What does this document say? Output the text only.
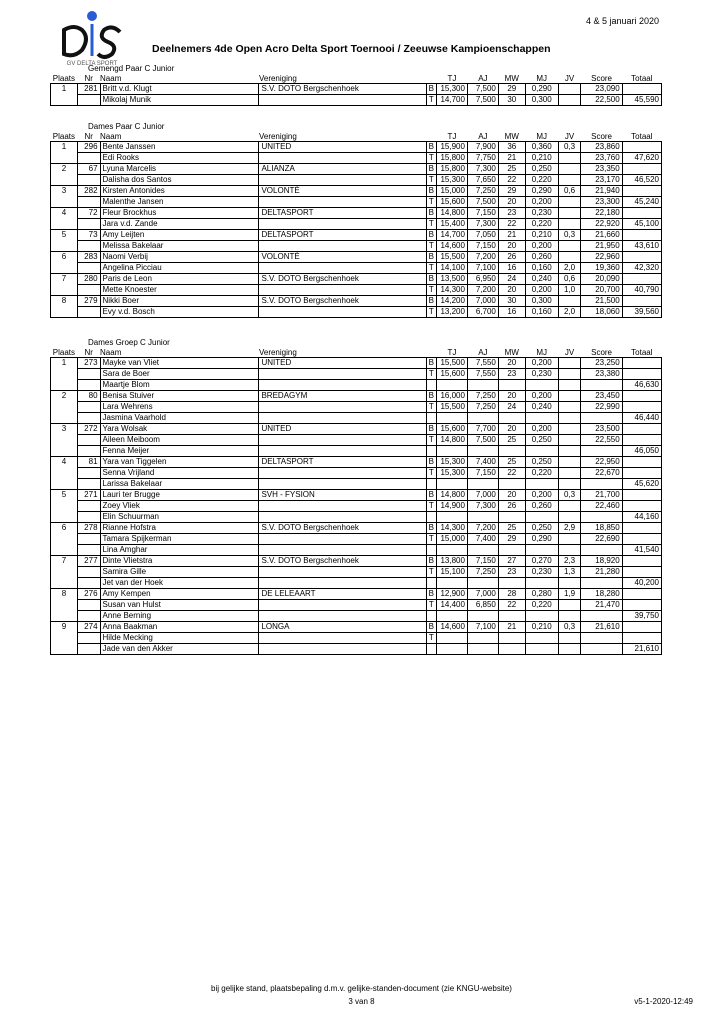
GV DELTA SPORT
4 & 5 januari 2020
Deelnemers 4de Open Acro Delta Sport Toernooi / Zeeuwse Kampioenschappen
Gemengd Paar C Junior
Plaats	Nr	Naam	Vereniging		TJ	AJ	MW	MJ	JV	Score	Totaal
1	281	Britt v.d. Klugt	S.V. DOTO Bergschenhoek	B	15,300	7,500	29	0,290		23,090	
		Mikolaj Munik		T	14,700	7,500	30	0,300		22,500	45,590
Dames Paar C Junior
Plaats	Nr	Naam	Vereniging		TJ	AJ	MW	MJ	JV	Score	Totaal
1	296	Bente Janssen	UNITED	B	15,900	7,900	36	0,360	0,3	23,860	
		Edi Rooks		T	15,800	7,750	21	0,210		23,760	47,620
2	67	Lyuna Marcelis	ALIANZA	B	15,800	7,300	25	0,250		23,350	
		Dalisha dos Santos		T	15,300	7,650	22	0,220		23,170	46,520
3	282	Kirsten Antonides	VOLONTÉ	B	15,000	7,250	29	0,290	0,6	21,940	
		Malenthe Jansen		T	15,600	7,500	20	0,200		23,300	45,240
4	72	Fleur Brockhus	DELTASPORT	B	14,800	7,150	23	0,230		22,180	
		Jara v.d. Zande		T	15,400	7,300	22	0,220		22,920	45,100
5	73	Amy Leijten	DELTASPORT	B	14,700	7,050	21	0,210	0,3	21,660	
		Melissa Bakelaar		T	14,600	7,150	20	0,200		21,950	43,610
6	283	Naomi Verbij	VOLONTÉ	B	15,500	7,200	26	0,260		22,960	
		Angelina Picciau		T	14,100	7,100	16	0,160	2,0	19,360	42,320
7	280	Paris de Leon	S.V. DOTO Bergschenhoek	B	13,500	6,950	24	0,240	0,6	20,090	
		Mette Knoester		T	14,300	7,200	20	0,200	1,0	20,700	40,790
8	279	Nikki Boer	S.V. DOTO Bergschenhoek	B	14,200	7,000	30	0,300		21,500	
		Evy v.d. Bosch		T	13,200	6,700	16	0,160	2,0	18,060	39,560
Dames Groep C Junior
Plaats	Nr	Naam	Vereniging		TJ	AJ	MW	MJ	JV	Score	Totaal
1	273	Mayke van Vliet	UNITED	B	15,500	7,550	20	0,200		23,250	
		Sara de Boer		T	15,600	7,550	23	0,230		23,380	
		Maartje Blom									46,630
2	80	Benisa Stuiver	BREDAGYM	B	16,000	7,250	20	0,200		23,450	
		Lara Wehrens		T	15,500	7,250	24	0,240		22,990	
		Jasmina Vaarhold									46,440
3	272	Yara Wolsak	UNITED	B	15,600	7,700	20	0,200		23,500	
		Aileen Meiboom		T	14,800	7,500	25	0,250		22,550	
		Fenna Meijer									46,050
4	81	Yara van Tiggelen	DELTASPORT	B	15,300	7,400	25	0,250		22,950	
		Senna Vrijland		T	15,300	7,150	22	0,220		22,670	
		Larissa Bakelaar									45,620
5	271	Lauri ter Brugge	SVH - FYSION	B	14,800	7,000	20	0,200	0,3	21,700	
		Zoey Vliek		T	14,900	7,300	26	0,260		22,460	
		Elin Schuurman									44,160
6	278	Rianne Hofstra	S.V. DOTO Bergschenhoek	B	14,300	7,200	25	0,250	2,9	18,850	
		Tamara Spijkerman		T	15,000	7,400	29	0,290		22,690	
		Lina Amghar									41,540
7	277	Dinte Vlietstra	S.V. DOTO Bergschenhoek	B	13,800	7,150	27	0,270	2,3	18,920	
		Samira Gille		T	15,100	7,250	23	0,230	1,3	21,280	
		Jet van der Hoek									40,200
8	276	Amy Kempen	DE LELEAART	B	12,900	7,000	28	0,280	1,9	18,280	
		Susan van Hulst		T	14,400	6,850	22	0,220		21,470	
		Anne Berning									39,750
9	274	Anna Baakman	LONGA	B	14,600	7,100	21	0,210	0,3	21,610	
		Hilde Mecking		T							
		Jade van den Akker									21,610
bij gelijke stand, plaatsbepaling d.m.v. gelijke-standen-document (zie KNGU-website)
3 van 8	v5-1-2020-12:49
